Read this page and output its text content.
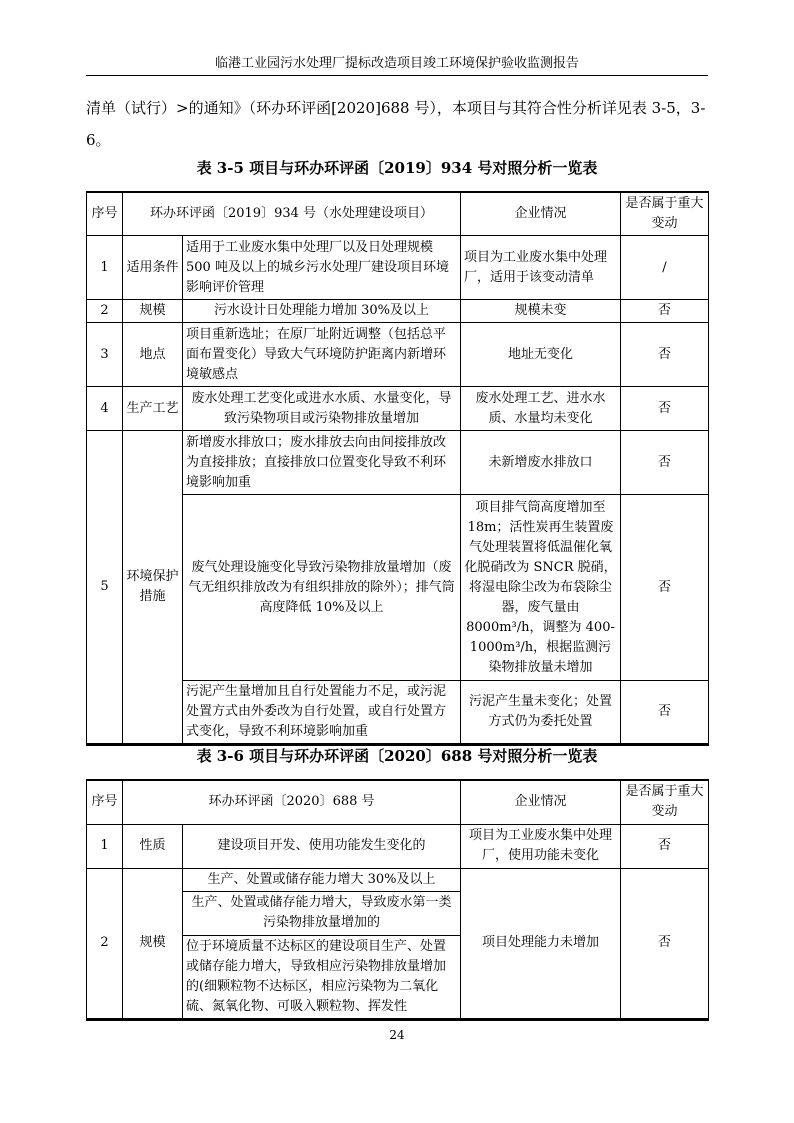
临港工业园污水处理厂提标改造项目竣工环境保护验收监测报告
清单（试行）>的通知》（环办环评函[2020]688 号），本项目与其符合性分析详见表 3-5，3-6。
表 3-5 项目与环办环评函〔2019〕934 号对照分析一览表
序号	环办环评函〔2019〕934 号（水处理建设项目）		企业情况	是否属于重大变动
1	适用条件	适用于工业废水集中处理厂以及日处理规模 500 吨及以上的城乡污水处理厂建设项目环境影响评价管理	项目为工业废水集中处理厂，适用于该变动清单	/
2	规模	污水设计日处理能力增加 30%及以上	规模未变	否
3	地点	项目重新选址；在原厂址附近调整（包括总平面布置变化）导致大气环境防护距离内新增环境敏感点	地址无变化	否
4	生产工艺	废水处理工艺变化或进水水质、水量变化，导致污染物项目或污染物排放量增加	废水处理工艺、进水水质、水量均未变化	否
5	环境保护措施	新增废水排放口；废水排放去向由间接排放改为直接排放；直接排放口位置变化导致不利环境影响加重	未新增废水排放口	否
		废气处理设施变化导致污染物排放量增加（废气无组织排放改为有组织排放的除外）；排气筒高度降低 10%及以上	项目排气筒高度增加至18m；活性炭再生装置废气处理装置将低温催化氧化脱硝改为 SNCR 脱硝，将湿电除尘改为布袋除尘器，废气量由 8000m³/h，调整为 400-1000m³/h，根据监测污染物排放量未增加	否
		污泥产生量增加且自行处置能力不足，或污泥处置方式由外委改为自行处置，或自行处置方式变化，导致不利环境影响加重	污泥产生量未变化；处置方式仍为委托处置	否
表 3-6 项目与环办环评函〔2020〕688 号对照分析一览表
序号	环办环评函〔2020〕688 号		企业情况	是否属于重大变动
1	性质	建设项目开发、使用功能发生变化的	项目为工业废水集中处理厂，使用功能未变化	否
2	规模	生产、处置或储存能力增大 30%及以上	项目处理能力未增加	否
		生产、处置或储存能力增大，导致废水第一类污染物排放量增加的		
		位于环境质量不达标区的建设项目生产、处置或储存能力增大，导致相应污染物排放量增加的(细颗粒物不达标区，相应污染物为二氧化硫、氮氧化物、可吸入颗粒物、挥发性		
24
